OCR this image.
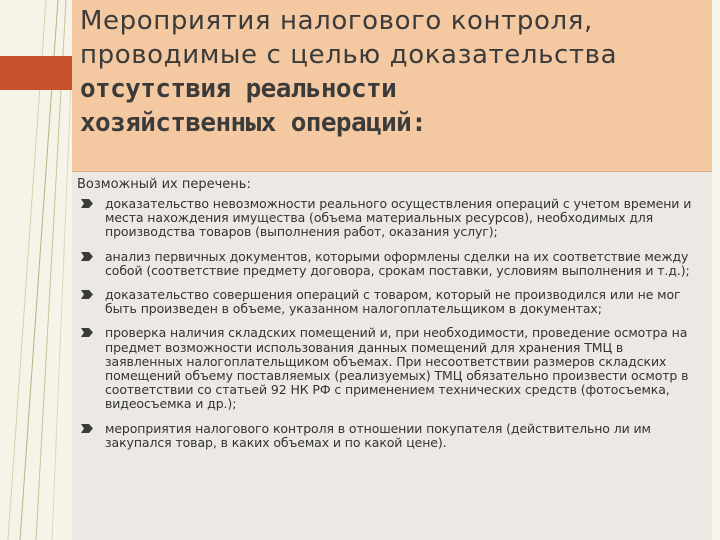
Мероприятия налогового контроля,
проводимые с целью доказательства
отсутствия реальности
хозяйственных операций:
Возможный их перечень:
доказательство невозможности реального осуществления операций с учетом времени и места нахождения имущества (объема материальных ресурсов), необходимых для производства товаров (выполнения работ, оказания услуг);
анализ первичных документов, которыми оформлены сделки на их соответствие между собой (соответствие предмету договора, срокам поставки, условиям выполнения и т.д.);
доказательство совершения операций с товаром, который не производился или не мог быть произведен в объеме, указанном налогоплательщиком в документах;
проверка наличия складских помещений и, при необходимости, проведение осмотра на предмет возможности использования данных помещений для хранения ТМЦ в заявленных налогоплательщиком объемах. При несоответствии размеров складских помещений объему поставляемых (реализуемых) ТМЦ обязательно произвести осмотр в соответствии со статьей 92 НК РФ с применением технических средств (фотосъемка, видеосъемка и др.);
мероприятия налогового контроля в отношении покупателя (действительно ли им закупался товар, в каких объемах и по какой цене).
